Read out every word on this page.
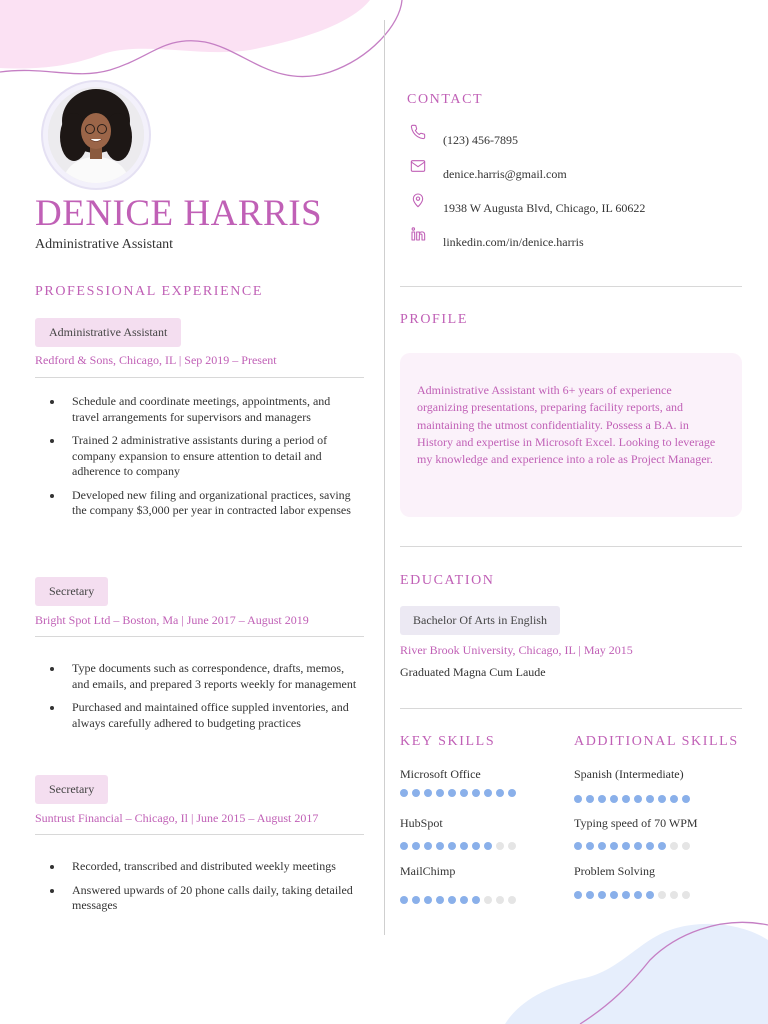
DENICE HARRIS
Administrative Assistant
PROFESSIONAL EXPERIENCE
Administrative Assistant
Redford & Sons, Chicago, IL | Sep 2019 – Present
Schedule and coordinate meetings, appointments, and travel arrangements for supervisors and managers
Trained 2 administrative assistants during a period of company expansion to ensure attention to detail and adherence to company
Developed new filing and organizational practices, saving the company $3,000 per year in contracted labor expenses
Secretary
Bright Spot Ltd – Boston, Ma | June 2017 – August 2019
Type documents such as correspondence, drafts, memos, and emails, and prepared 3 reports weekly for management
Purchased and maintained office suppled inventories, and always carefully adhered to budgeting practices
Secretary
Suntrust Financial – Chicago, Il | June 2015 – August 2017
Recorded, transcribed and distributed weekly meetings
Answered upwards of 20 phone calls daily, taking detailed messages
CONTACT
(123) 456-7895
denice.harris@gmail.com
1938 W Augusta Blvd, Chicago, IL 60622
linkedin.com/in/denice.harris
PROFILE
Administrative Assistant with 6+ years of experience organizing presentations, preparing facility reports, and maintaining the utmost confidentiality. Possess a B.A. in History and expertise in Microsoft Excel. Looking to leverage my knowledge and experience into a role as Project Manager.
EDUCATION
Bachelor Of Arts in English
River Brook University, Chicago, IL | May 2015
Graduated Magna Cum Laude
KEY SKILLS
Microsoft Office
HubSpot
MailChimp
ADDITIONAL SKILLS
Spanish (Intermediate)
Typing speed of 70 WPM
Problem Solving
